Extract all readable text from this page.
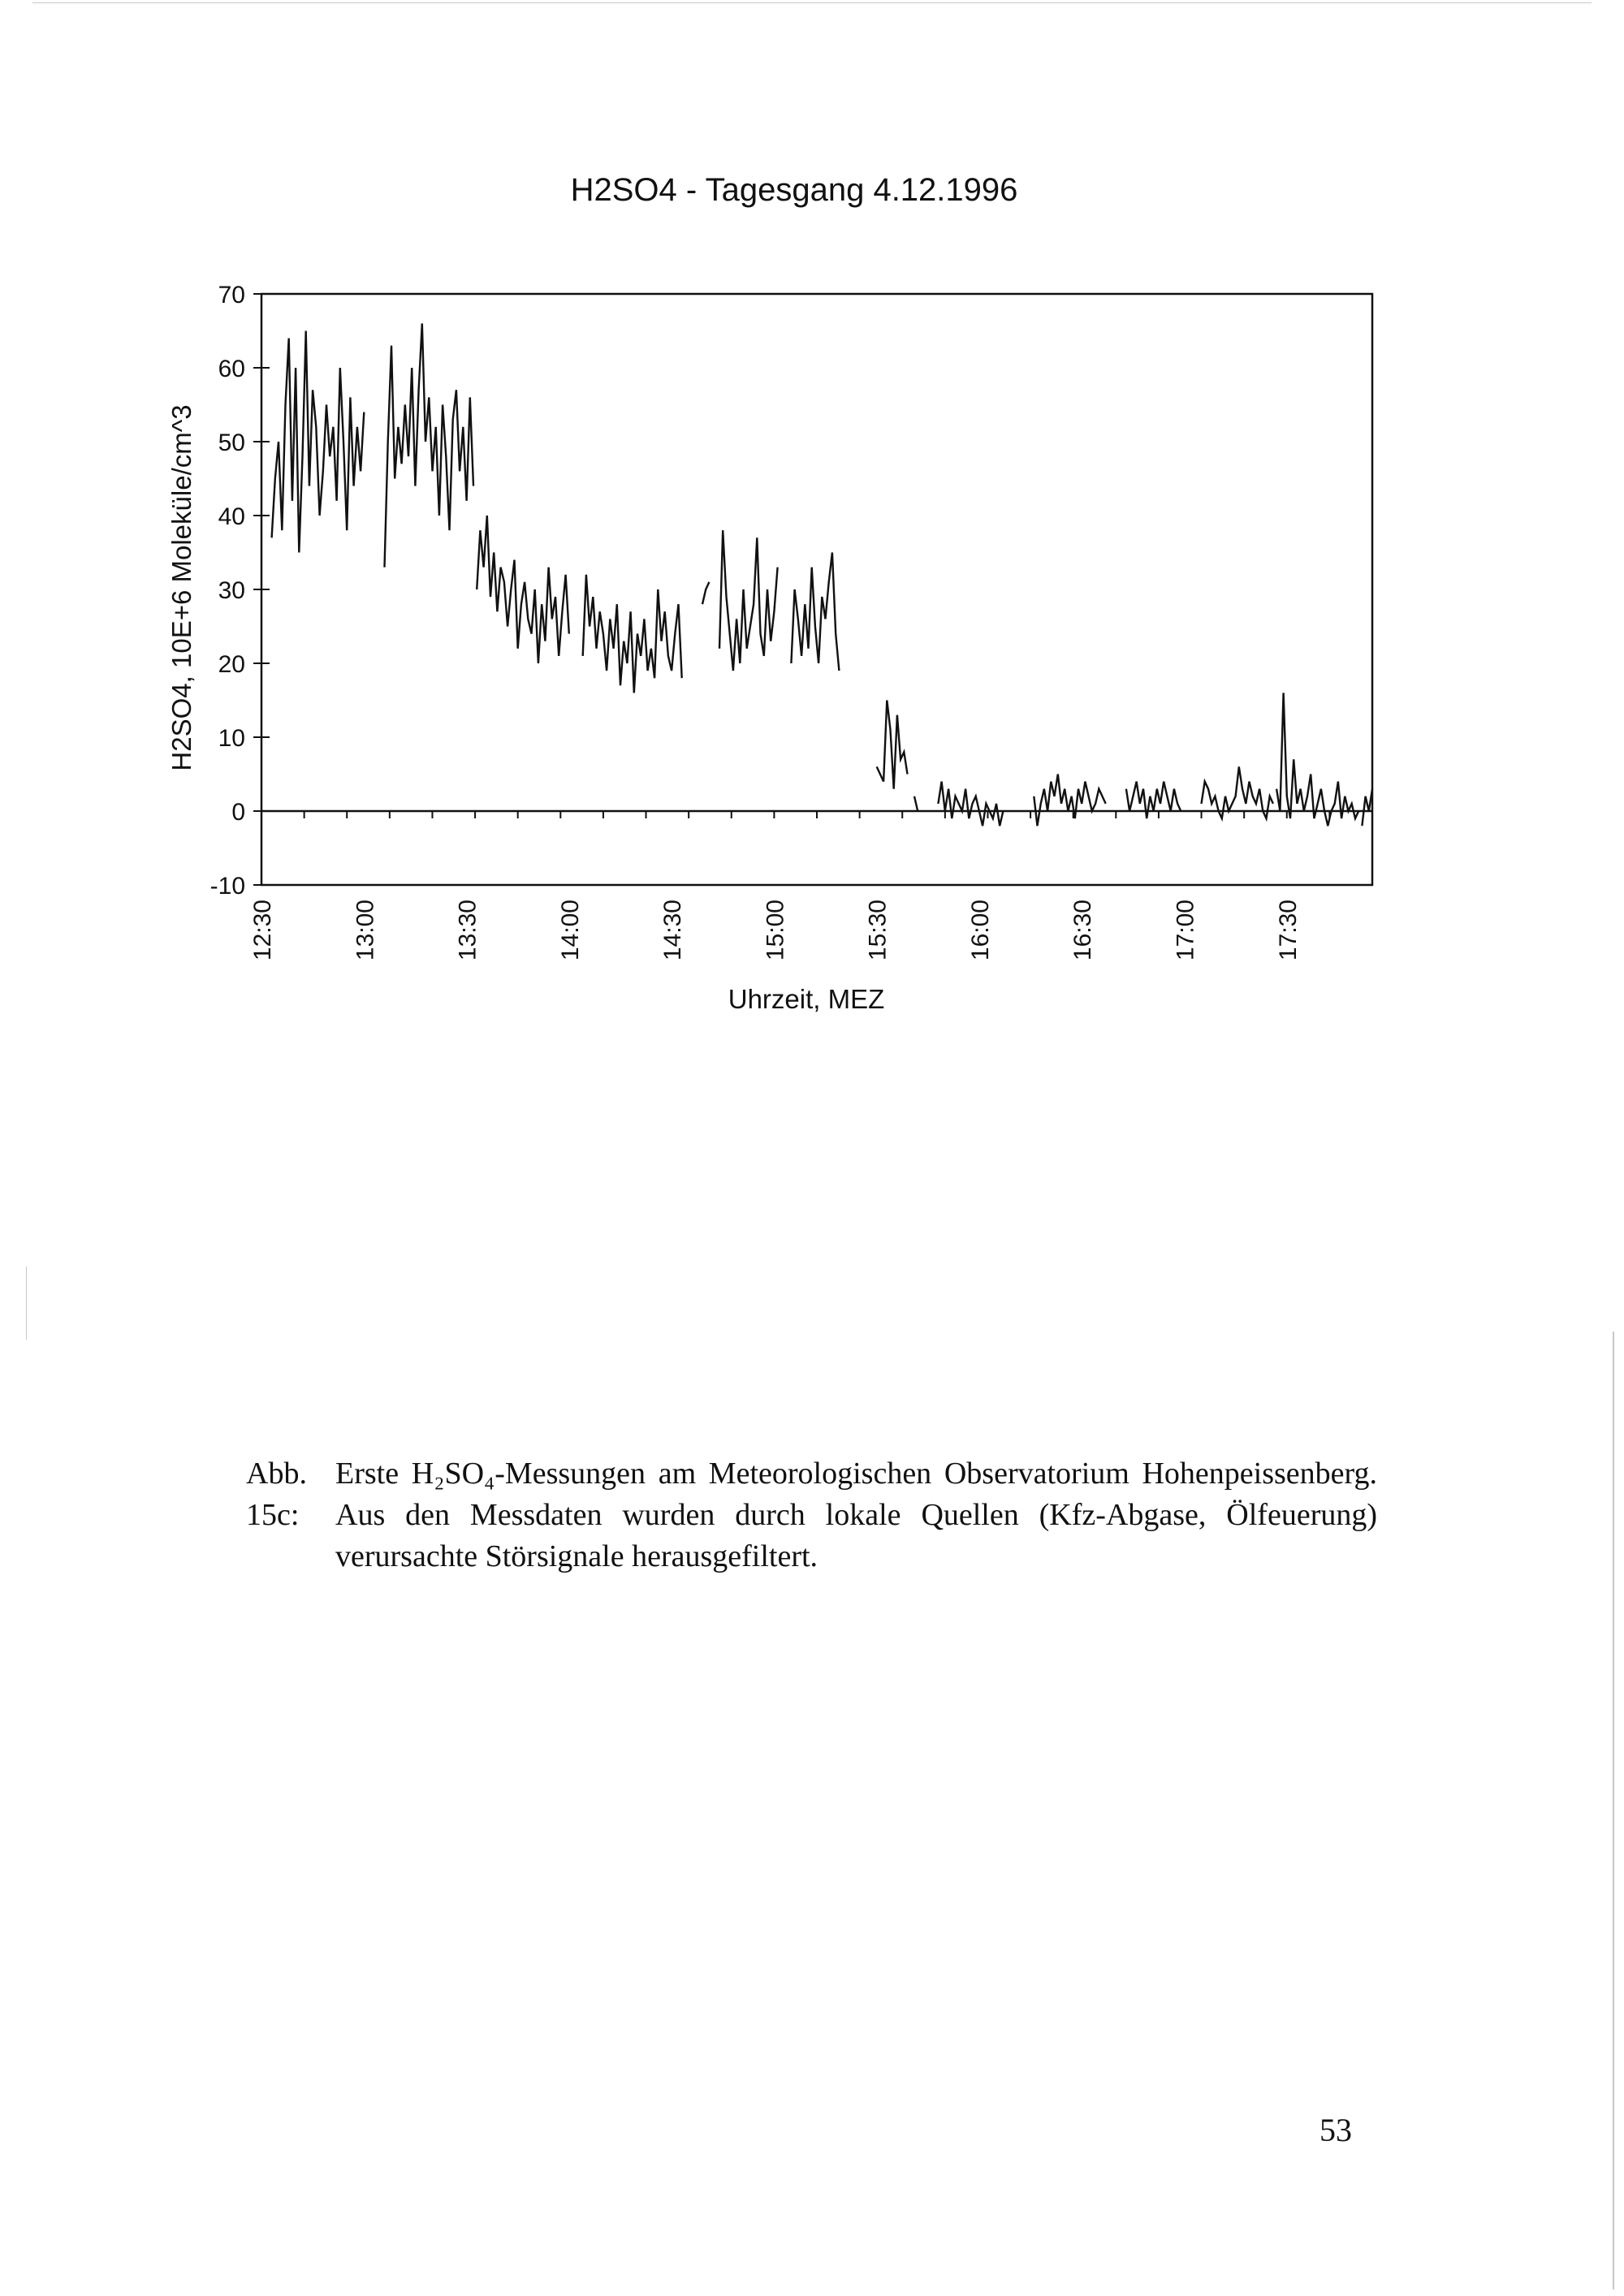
H2SO4 - Tagesgang 4.12.1996
H2SO4, 10E+6 Moleküle/cm^3
Uhrzeit, MEZ
70
60
50
40
30
20
10
0
-10
12:30	13:00	13:30	14:00	14:30	15:00	15:30	16:00	16:30	17:00	17:30
Abb. 15c:
Erste H₂SO₄-Messungen am Meteorologischen Observatorium Hohenpeissenberg. Aus den Messdaten wurden durch lokale Quellen (Kfz-Abgase, Ölfeuerung) verursachte Störsignale herausgefiltert.
53
